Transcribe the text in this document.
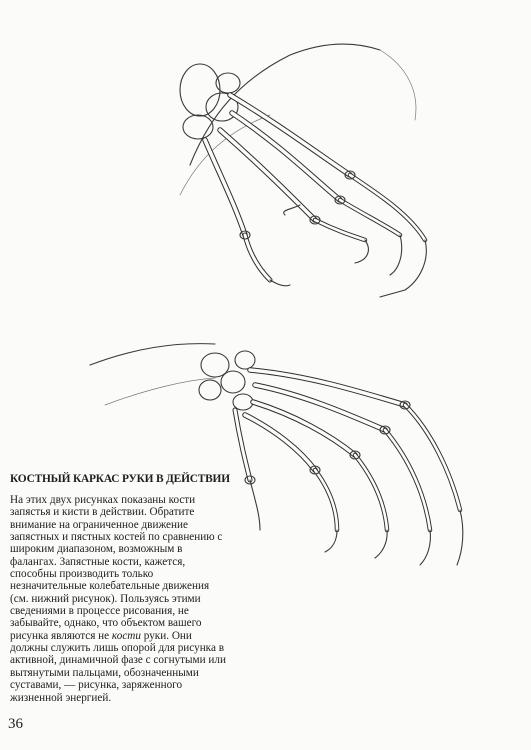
КОСТНЫЙ КАРКАС РУКИ В ДЕЙСТВИИ

На этих двух рисунках показаны кости

запястья и кисти в действии. Обратите

внимание на ограниченное движение

запястных и пястных костей по сравнению с

широким диапазоном, возможным в

фалангах. Запястные кости, кажется,

способны производить только

незначительные колебательные движения

(см. нижний рисунок). Пользуясь этими

сведениями в процессе рисования, не

забывайте, однако, что объектом вашего

рисунка являются не кости руки. Они

должны служить лишь опорой для рисунка в

активной, динамичной фазе с согнутыми или

вытянутыми пальцами, обозначенными

суставами, — рисунка, заряженного

жизненной энергией.

36
